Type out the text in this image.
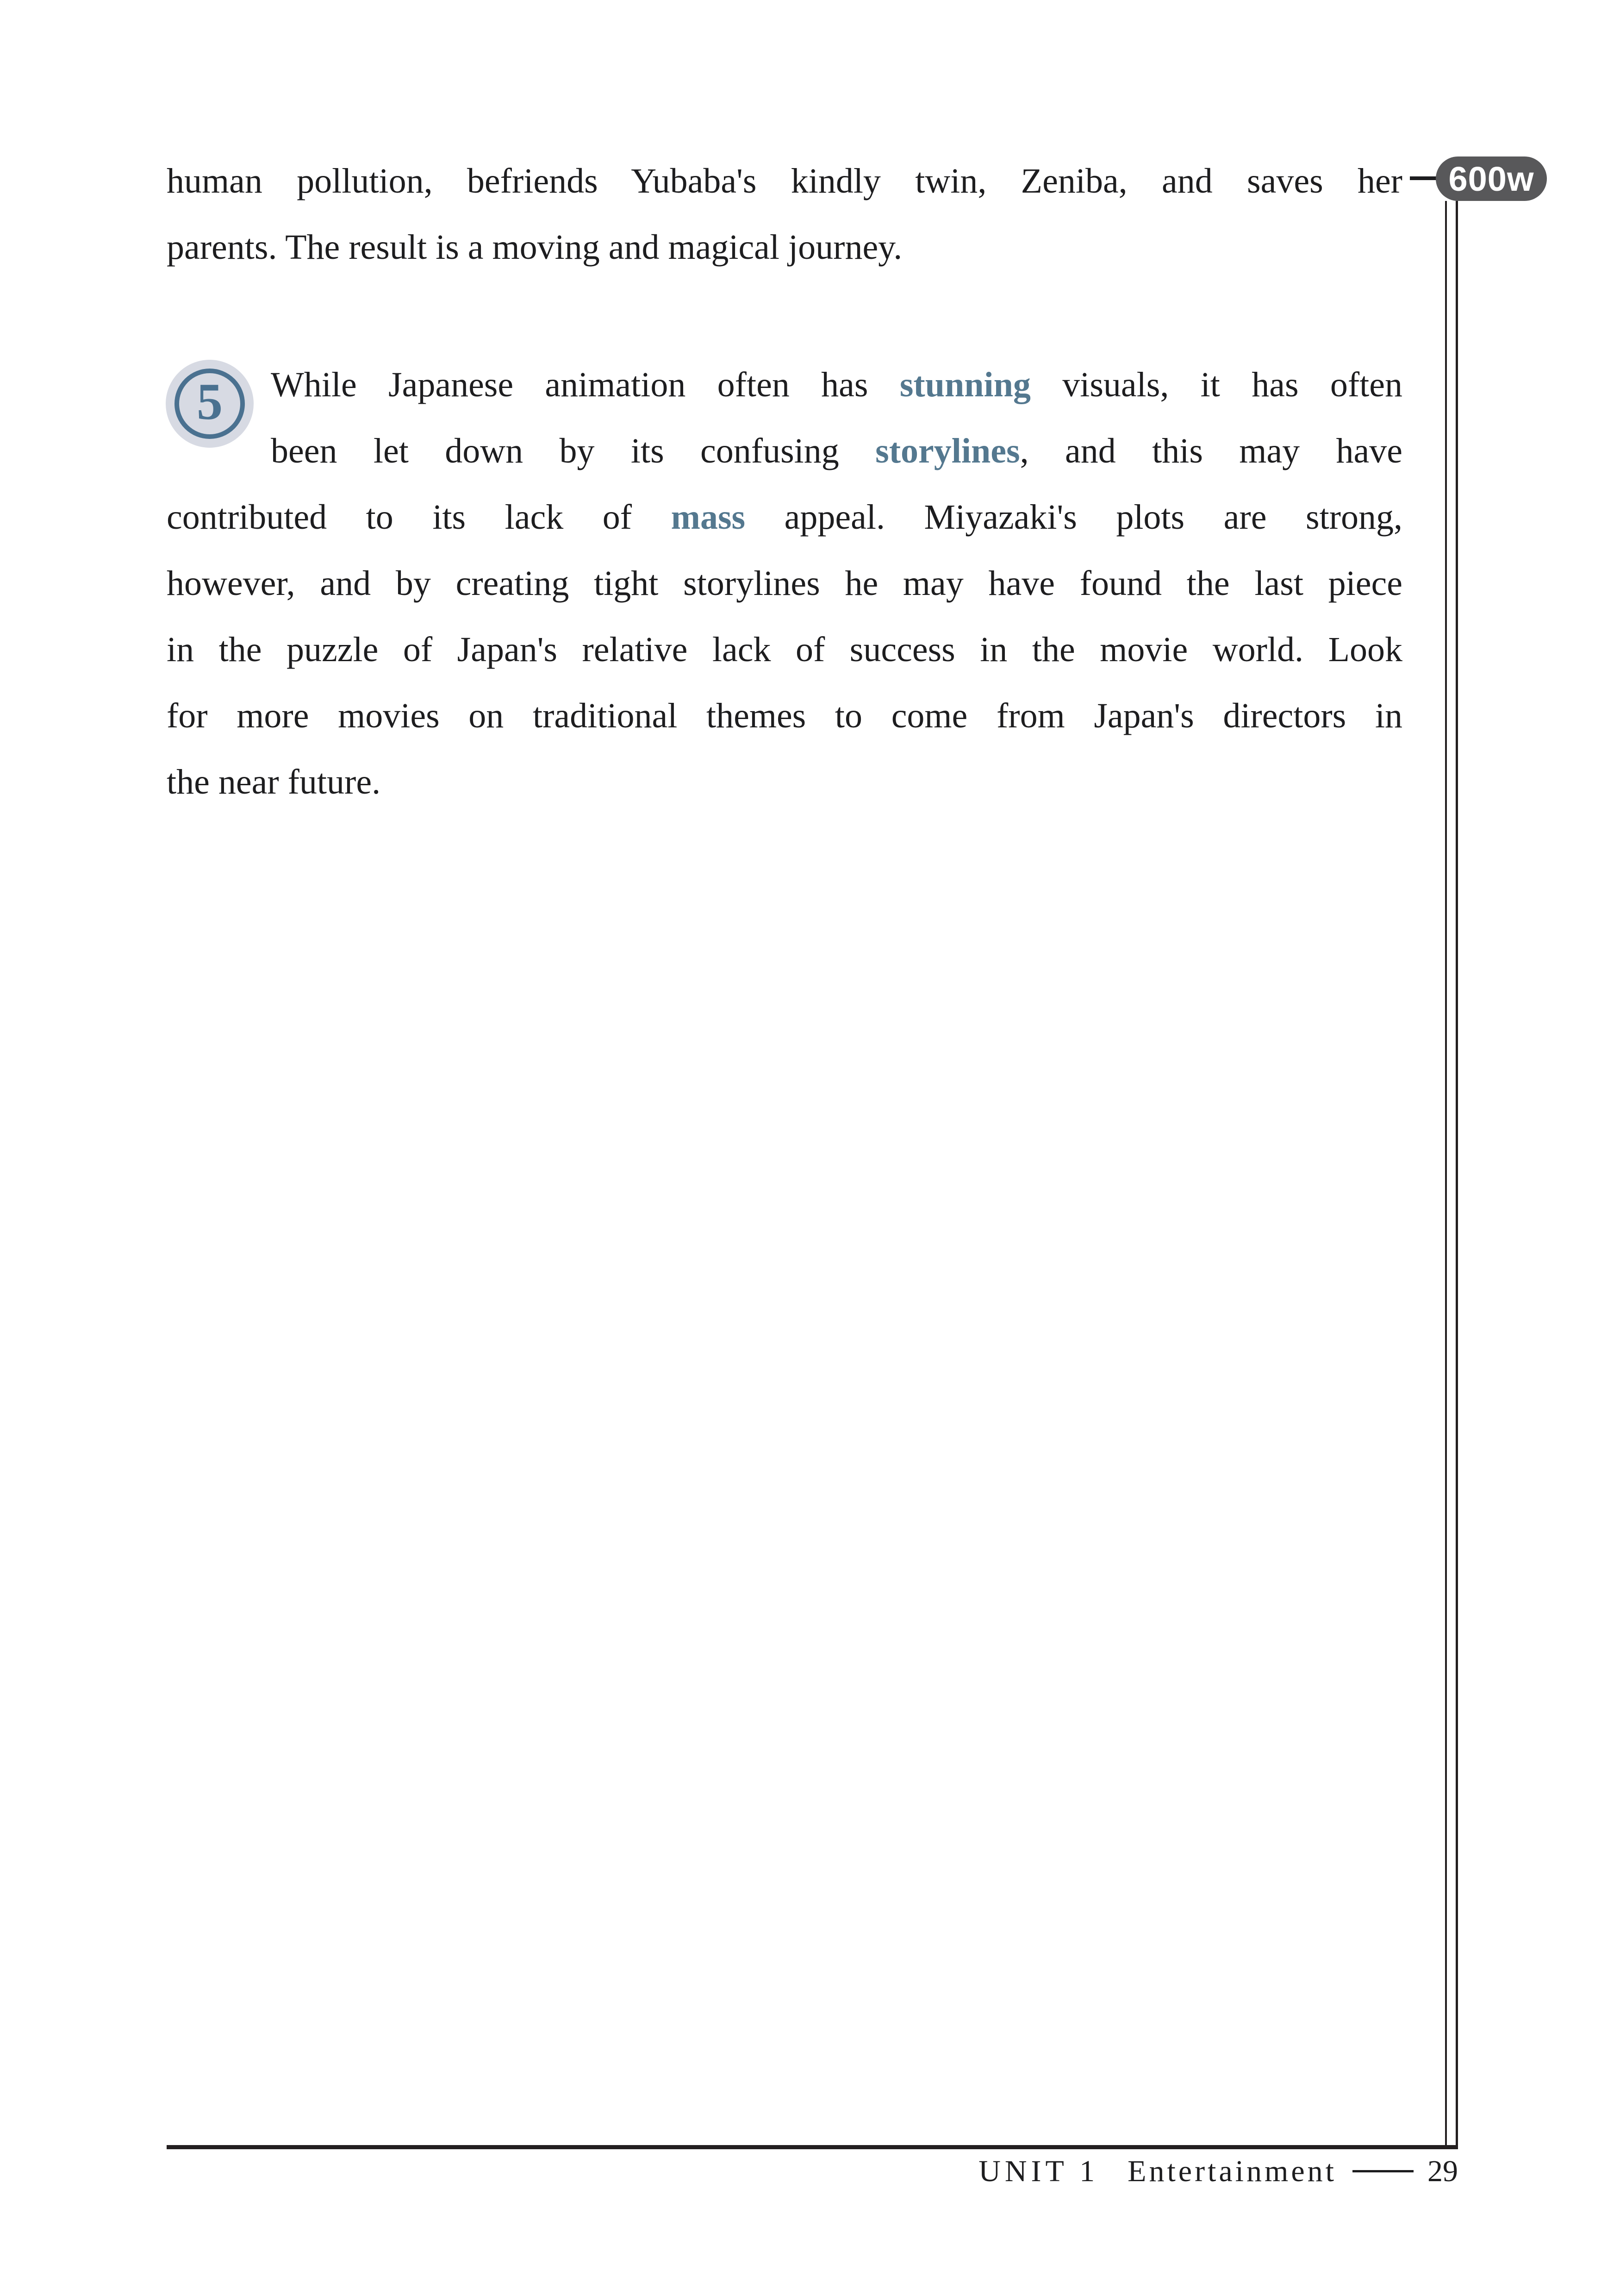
human pollution, befriends Yubaba's kindly twin, Zeniba, and saves her
parents. The result is a moving and magical journey.
600w
5	While Japanese animation often has stunning visuals, it has often
been let down by its confusing storylines, and this may have
contributed to its lack of mass appeal. Miyazaki's plots are strong,
however, and by creating tight storylines he may have found the last piece
in the puzzle of Japan's relative lack of success in the movie world. Look
for more movies on traditional themes to come from Japan's directors in
the near future.
UNIT 1 Entertainment	29
